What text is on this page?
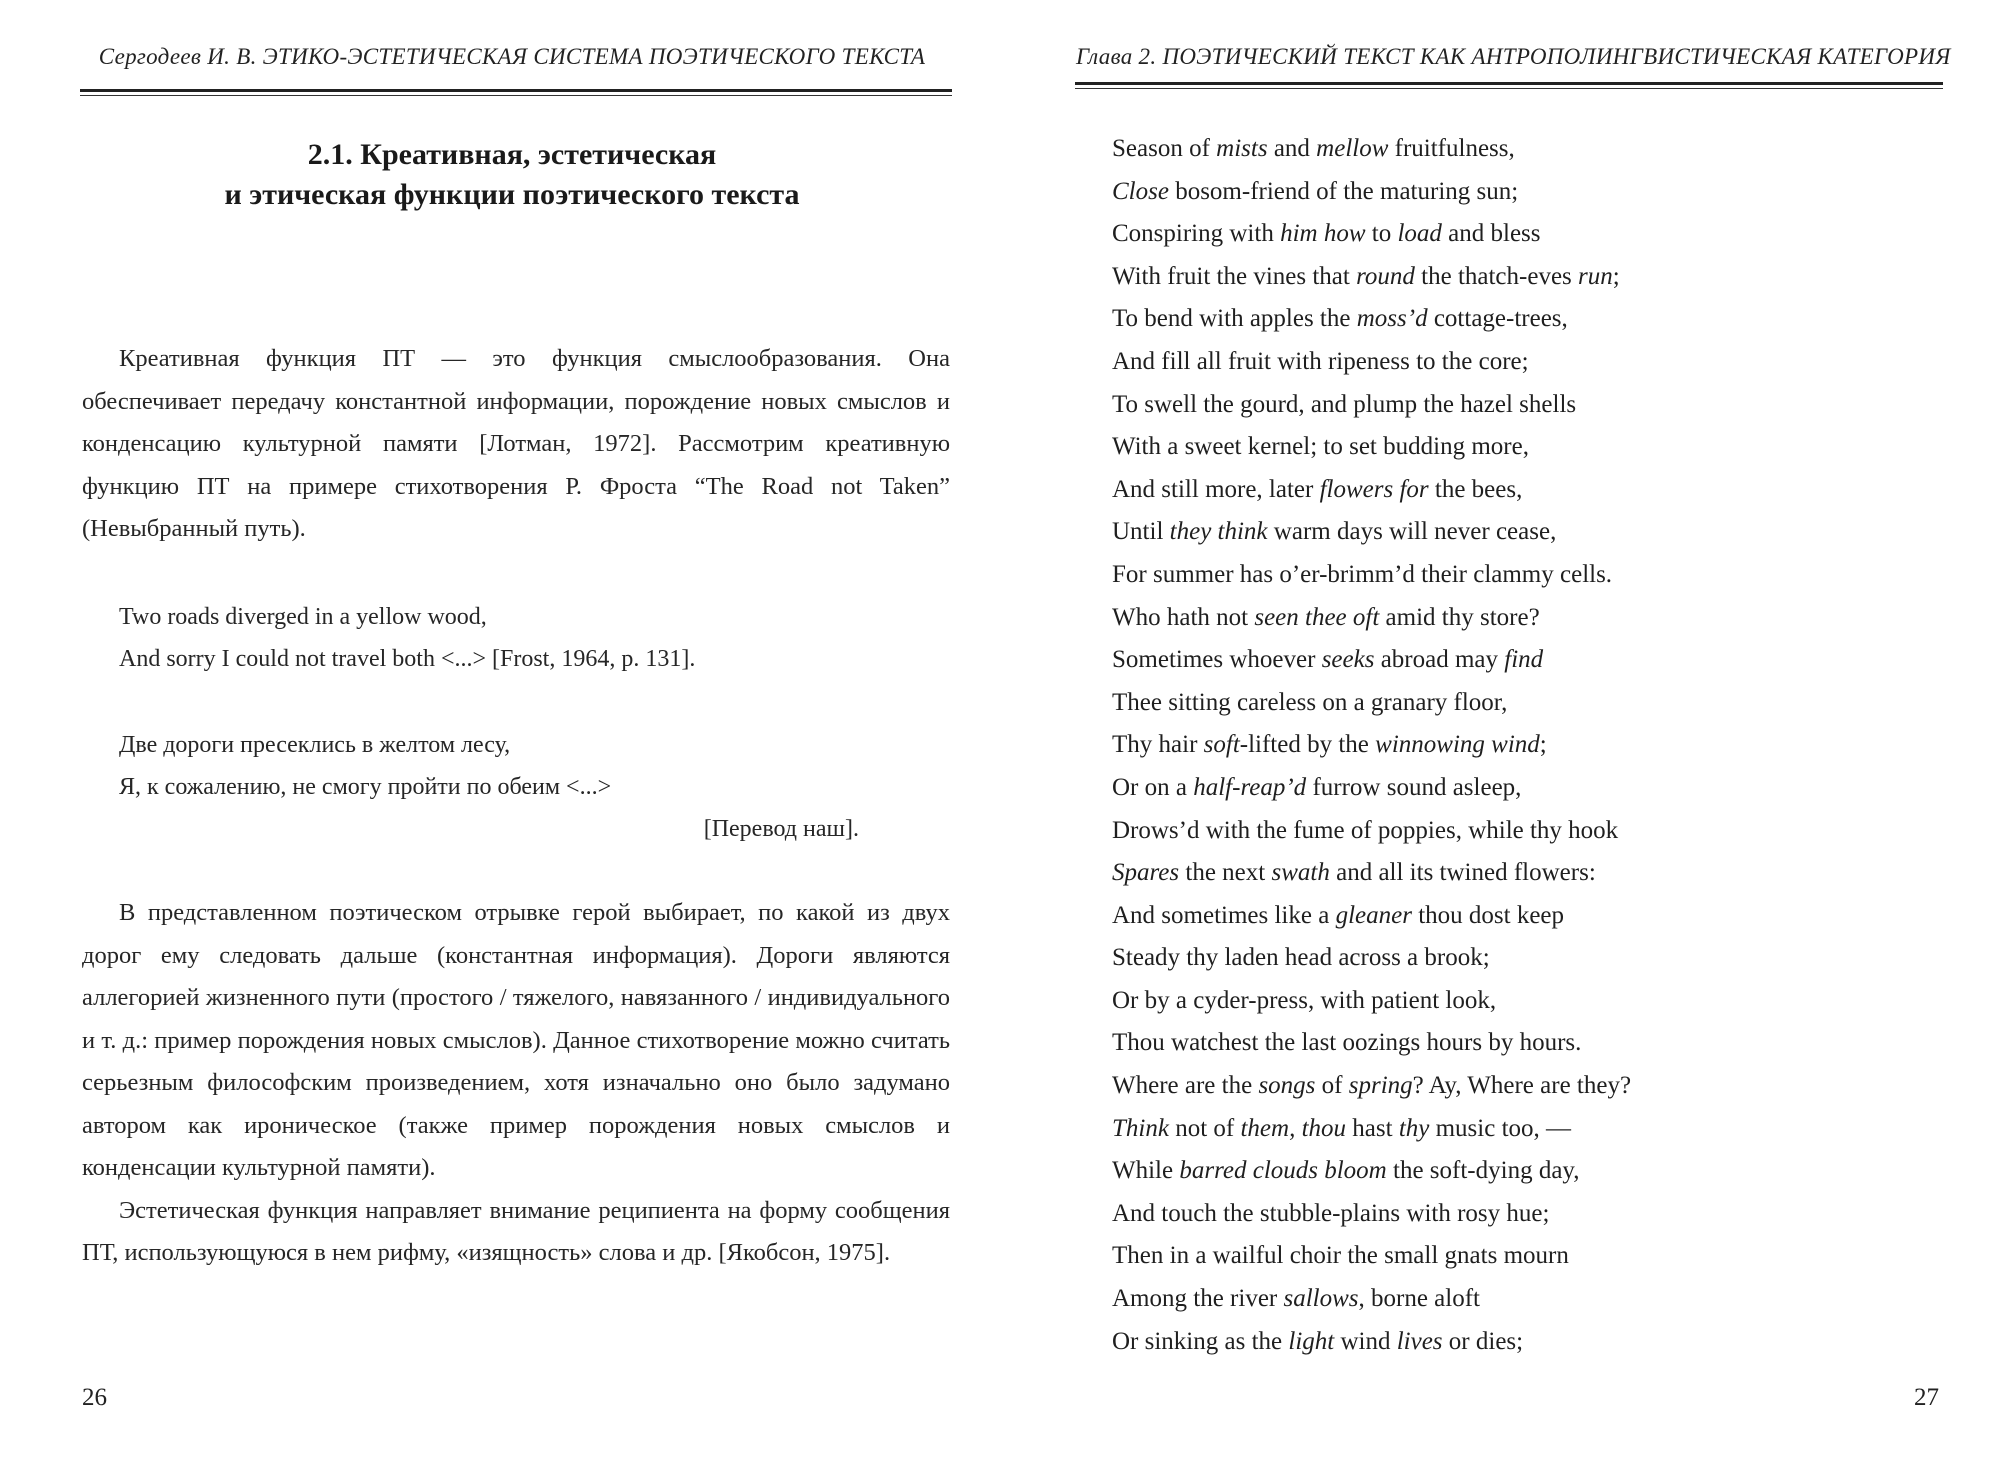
Сергодеев И. В. ЭТИКО-ЭСТЕТИЧЕСКАЯ СИСТЕМА ПОЭТИЧЕСКОГО ТЕКСТА
2.1. Креативная, эстетическая
и этическая функции поэтического текста

Креативная функция ПТ — это функция смыслообразования. Она обеспечивает передачу константной информации, порождение новых смыслов и конденсацию культурной памяти [Лотман, 1972]. Рассмотрим креативную функцию ПТ на примере стихотворения Р. Фроста “The Road not Taken” (Невыбранный путь).

Two roads diverged in a yellow wood,
And sorry I could not travel both <...> [Frost, 1964, p. 131].
Две дороги пресеклись в желтом лесу,
Я, к сожалению, не смогу пройти по обеим <...>
[Перевод наш].

В представленном поэтическом отрывке герой выбирает, по какой из двух дорог ему следовать дальше (константная информация). Дороги являются аллегорией жизненного пути (простого / тяжелого, навязанного / индивидуального и т. д.: пример порождения новых смыслов). Данное стихотворение можно считать серьезным философским произведением, хотя изначально оно было задумано автором как ироническое (также пример порождения новых смыслов и конденсации культурной памяти).

Эстетическая функция направляет внимание реципиента на форму сообщения ПТ, использующуюся в нем рифму, «изящность» слова и др. [Якобсон, 1975].

26
Глава 2. ПОЭТИЧЕСКИЙ ТЕКСТ КАК АНТРОПОЛИНГВИСТИЧЕСКАЯ КАТЕГОРИЯ
Season of mists and mellow fruitfulness,
Close bosom-friend of the maturing sun;
Conspiring with him how to load and bless
With fruit the vines that round the thatch-eves run;
To bend with apples the moss’d cottage-trees,
And fill all fruit with ripeness to the core;
To swell the gourd, and plump the hazel shells
With a sweet kernel; to set budding more,
And still more, later flowers for the bees,
Until they think warm days will never cease,
For summer has o’er-brimm’d their clammy cells.
Who hath not seen thee oft amid thy store?
Sometimes whoever seeks abroad may find
Thee sitting careless on a granary floor,
Thy hair soft-lifted by the winnowing wind;
Or on a half-reap’d furrow sound asleep,
Drows’d with the fume of poppies, while thy hook
Spares the next swath and all its twined flowers:
And sometimes like a gleaner thou dost keep
Steady thy laden head across a brook;
Or by a cyder-press, with patient look,
Thou watchest the last oozings hours by hours.
Where are the songs of spring? Ay, Where are they?
Think not of them, thou hast thy music too, —
While barred clouds bloom the soft-dying day,
And touch the stubble-plains with rosy hue;
Then in a wailful choir the small gnats mourn
Among the river sallows, borne aloft
Or sinking as the light wind lives or dies;
27
